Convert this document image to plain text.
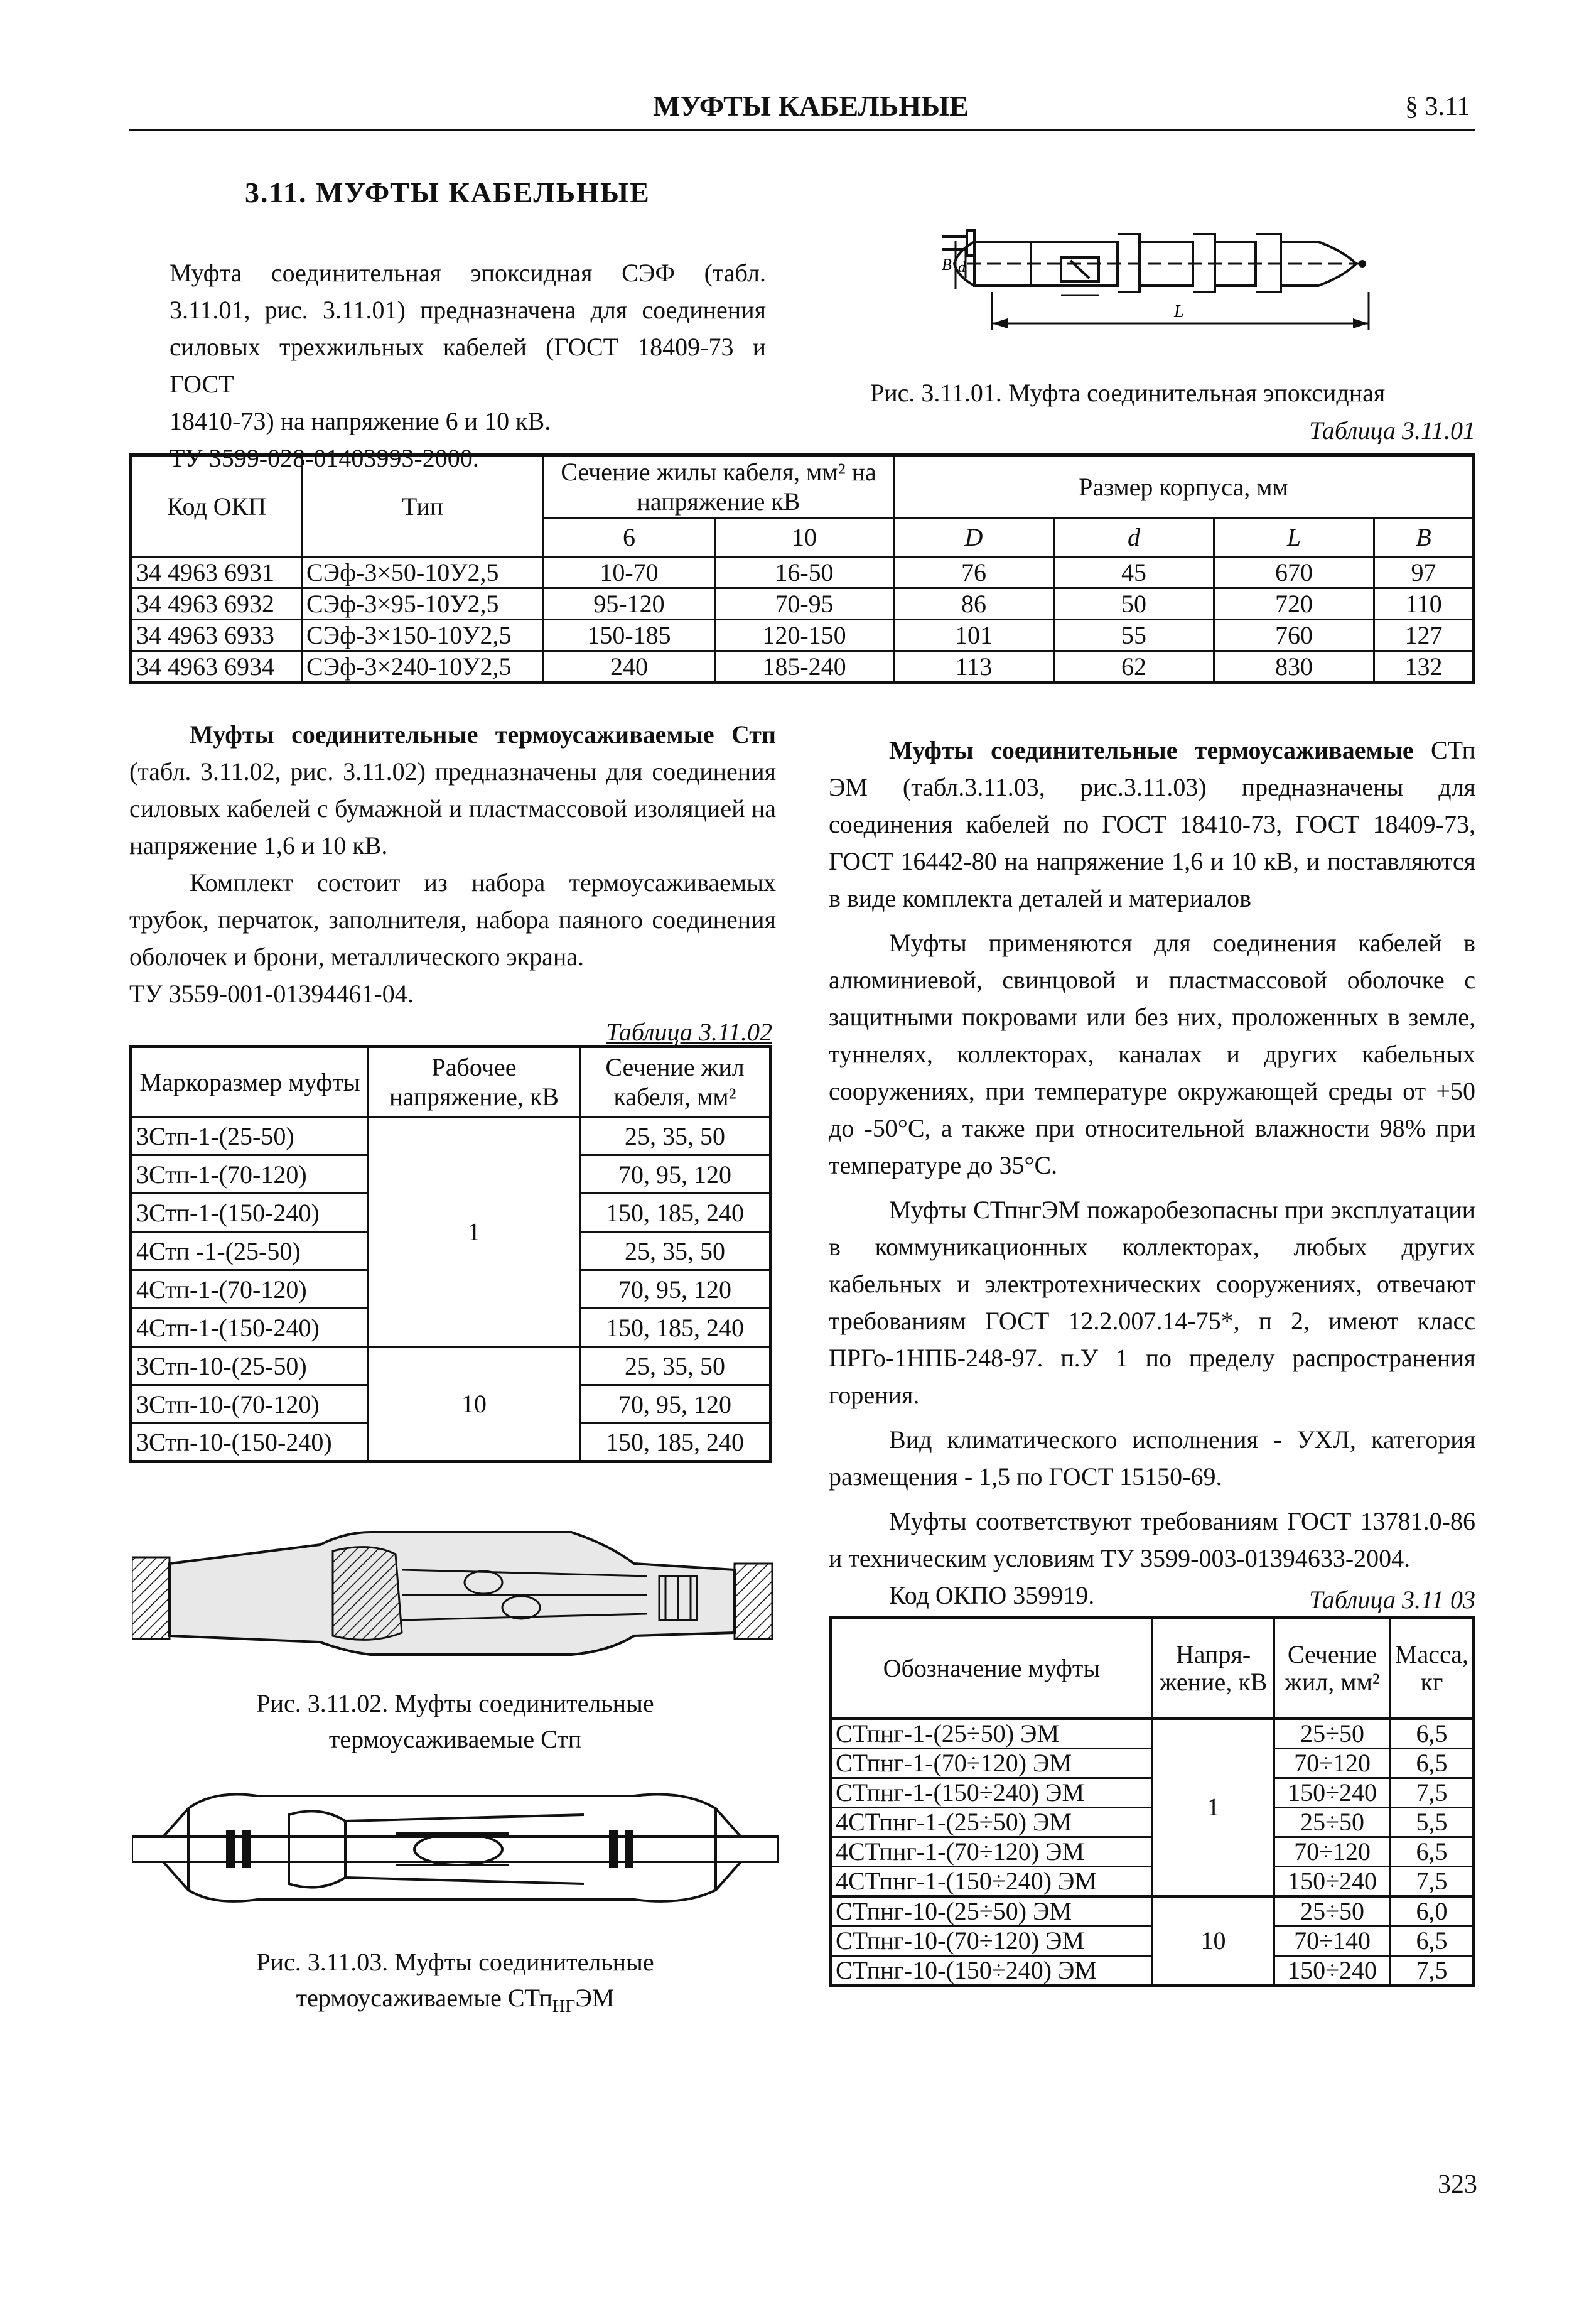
МУФТЫ КАБЕЛЬНЫЕ	§ 3.11
3.11. МУФТЫ КАБЕЛЬНЫЕ
Муфта соединительная эпоксидная СЭФ (табл.
3.11.01, рис. 3.11.01) предназначена для соединения
силовых трехжильных кабелей (ГОСТ 18409-73 и ГОСТ
18410-73) на напряжение 6 и 10 кВ.
ТУ 3599-028-01403993-2000.
B d
L
Рис. 3.11.01. Муфта соединительная эпоксидная
Таблица 3.11.01
Код ОКП	Тип	Сечение жилы кабеля, мм² на напряжение кВ		Размер корпуса, мм			
		6	10	D	d	L	B
34 4963 6931	СЭф-3×50-10У2,5	10-70	16-50	76	45	670	97
34 4963 6932	СЭф-3×95-10У2,5	95-120	70-95	86	50	720	110
34 4963 6933	СЭф-3×150-10У2,5	150-185	120-150	101	55	760	127
34 4963 6934	СЭф-3×240-10У2,5	240	185-240	113	62	830	132

Муфты соединительные термоусаживаемые Стп (табл. 3.11.02, рис. 3.11.02) предназначены для соединения силовых кабелей с бумажной и пластмассовой изоляцией на напряжение 1,6 и 10 кВ.

Комплект состоит из набора термоусаживаемых трубок, перчаток, заполнителя, набора паяного соединения оболочек и брони, металлического экрана.

ТУ 3559-001-01394461-04.

Таблица 3.11.02
Маркоразмер муфты	Рабочее напряжение, кВ	Сечение жил кабеля, мм²
3Стп-1-(25-50)	1	25, 35, 50
3Стп-1-(70-120)		70, 95, 120
3Стп-1-(150-240)		150, 185, 240
4Стп -1-(25-50)		25, 35, 50
4Стп-1-(70-120)		70, 95, 120
4Стп-1-(150-240)		150, 185, 240
3Стп-10-(25-50)	10	25, 35, 50
3Стп-10-(70-120)		70, 95, 120
3Стп-10-(150-240)		150, 185, 240
Рис. 3.11.02. Муфты соединительные
термоусаживаемые Стп
Рис. 3.11.03. Муфты соединительные
термоусаживаемые СТп$_{НГ}$ЭМ

Муфты соединительные термоусаживаемые СТп ЭМ (табл.3.11.03, рис.3.11.03) предназначены для соединения кабелей по ГОСТ 18410-73, ГОСТ 18409-73, ГОСТ 16442-80 на напряжение 1,6 и 10 кВ, и поставляются в виде комплекта деталей и материалов

Муфты применяются для соединения кабелей в алюминиевой, свинцовой и пластмассовой оболочке с защитными покровами или без них, проложенных в земле, туннелях, коллекторах, каналах и других кабельных сооружениях, при температуре окружающей среды от +50 до -50°С, а также при относительной влажности 98% при температуре до 35°С.

Муфты СТпнгЭМ пожаробезопасны при эксплуатации в коммуникационных коллекторах, любых других кабельных и электротехнических сооружениях, отвечают требованиям ГОСТ 12.2.007.14-75*, п 2, имеют класс ПРГо-1НПБ-248-97. п.У 1 по пределу распространения горения.

Вид климатического исполнения - УХЛ, категория размещения - 1,5 по ГОСТ 15150-69.

Муфты соответствуют требованиям ГОСТ 13781.0-86 и техническим условиям ТУ 3599-003-01394633-2004.

Код ОКПО 359919.	Таблица 3.11 03
Обозначение муфты	Напря-жение, кВ	Сечение жил, мм²	Масса, кг
СТпнг-1-(25÷50) ЭМ	1	25÷50	6,5
СТпнг-1-(70÷120) ЭМ		70÷120	6,5
СТпнг-1-(150÷240) ЭМ		150÷240	7,5
4СТпнг-1-(25÷50) ЭМ		25÷50	5,5
4СТпнг-1-(70÷120) ЭМ		70÷120	6,5
4СТпнг-1-(150÷240) ЭМ		150÷240	7,5
СТпнг-10-(25÷50) ЭМ	10	25÷50	6,0
СТпнг-10-(70÷120) ЭМ		70÷140	6,5
СТпнг-10-(150÷240) ЭМ		150÷240	7,5
323
